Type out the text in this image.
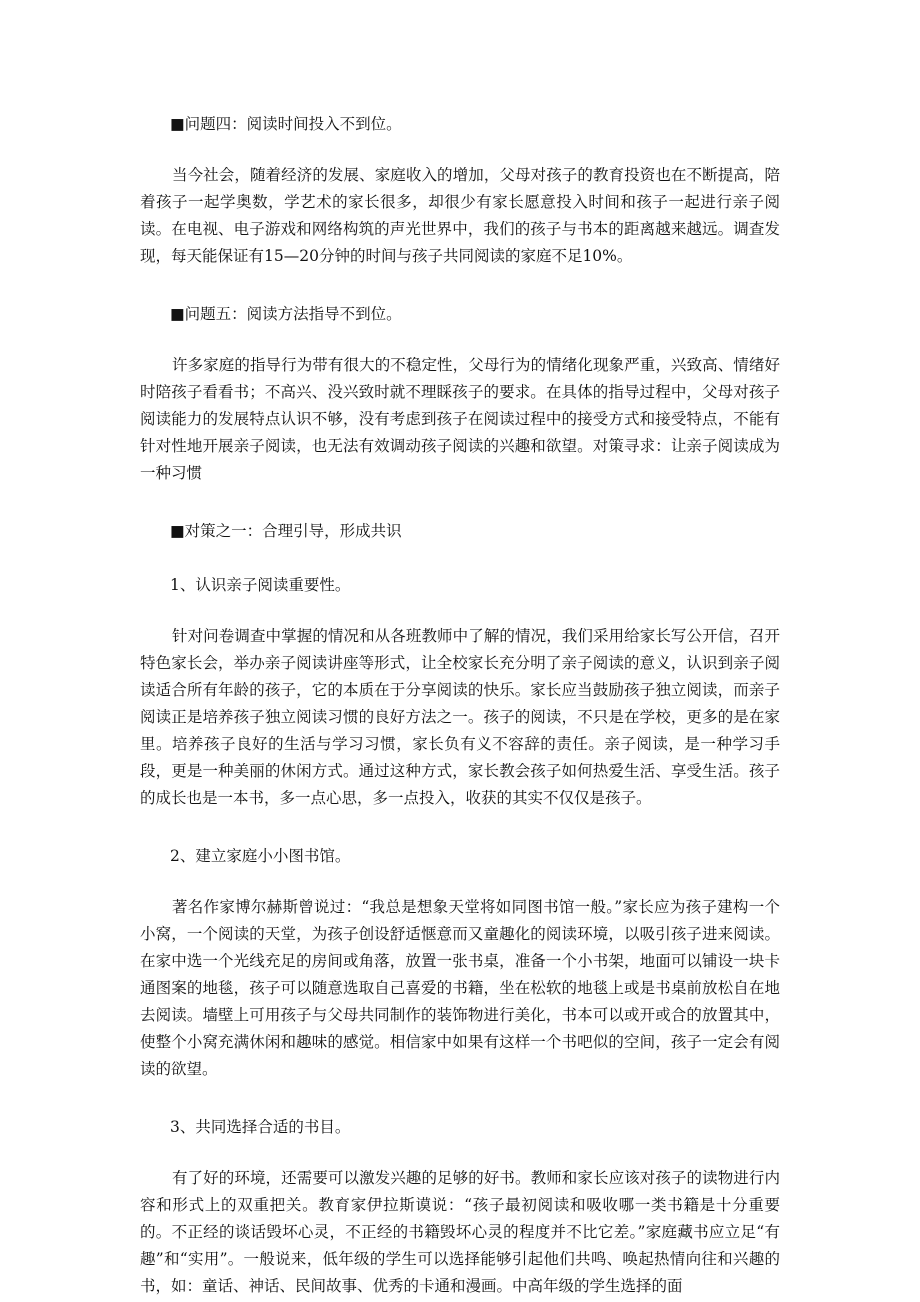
■问题四：阅读时间投入不到位。

当今社会，随着经济的发展、家庭收入的增加，父母对孩子的教育投资也在不断提高，陪着孩子一起学奥数，学艺术的家长很多，却很少有家长愿意投入时间和孩子一起进行亲子阅读。在电视、电子游戏和网络构筑的声光世界中，我们的孩子与书本的距离越来越远。调查发现，每天能保证有15—20分钟的时间与孩子共同阅读的家庭不足10%。

■问题五：阅读方法指导不到位。

许多家庭的指导行为带有很大的不稳定性，父母行为的情绪化现象严重，兴致高、情绪好时陪孩子看看书；不高兴、没兴致时就不理睬孩子的要求。在具体的指导过程中，父母对孩子阅读能力的发展特点认识不够，没有考虑到孩子在阅读过程中的接受方式和接受特点，不能有针对性地开展亲子阅读，也无法有效调动孩子阅读的兴趣和欲望。对策寻求：让亲子阅读成为一种习惯

■对策之一：合理引导，形成共识

1、认识亲子阅读重要性。

针对问卷调查中掌握的情况和从各班教师中了解的情况，我们采用给家长写公开信，召开特色家长会，举办亲子阅读讲座等形式，让全校家长充分明了亲子阅读的意义，认识到亲子阅读适合所有年龄的孩子，它的本质在于分享阅读的快乐。家长应当鼓励孩子独立阅读，而亲子阅读正是培养孩子独立阅读习惯的良好方法之一。孩子的阅读，不只是在学校，更多的是在家里。培养孩子良好的生活与学习习惯，家长负有义不容辞的责任。亲子阅读，是一种学习手段，更是一种美丽的休闲方式。通过这种方式，家长教会孩子如何热爱生活、享受生活。孩子的成长也是一本书，多一点心思，多一点投入，收获的其实不仅仅是孩子。

2、建立家庭小小图书馆。

著名作家博尔赫斯曾说过：“我总是想象天堂将如同图书馆一般。”家长应为孩子建构一个小窝，一个阅读的天堂，为孩子创设舒适惬意而又童趣化的阅读环境，以吸引孩子进来阅读。在家中选一个光线充足的房间或角落，放置一张书桌，准备一个小书架，地面可以铺设一块卡通图案的地毯，孩子可以随意选取自己喜爱的书籍，坐在松软的地毯上或是书桌前放松自在地去阅读。墙壁上可用孩子与父母共同制作的装饰物进行美化，书本可以或开或合的放置其中，使整个小窝充满休闲和趣味的感觉。相信家中如果有这样一个书吧似的空间，孩子一定会有阅读的欲望。

3、共同选择合适的书目。

有了好的环境，还需要可以激发兴趣的足够的好书。教师和家长应该对孩子的读物进行内容和形式上的双重把关。教育家伊拉斯谟说：“孩子最初阅读和吸收哪一类书籍是十分重要的。不正经的谈话毁坏心灵，不正经的书籍毁坏心灵的程度并不比它差。”家庭藏书应立足“有趣”和“实用”。一般说来，低年级的学生可以选择能够引起他们共鸣、唤起热情向往和兴趣的书，如：童话、神话、民间故事、优秀的卡通和漫画。中高年级的学生选择的面
